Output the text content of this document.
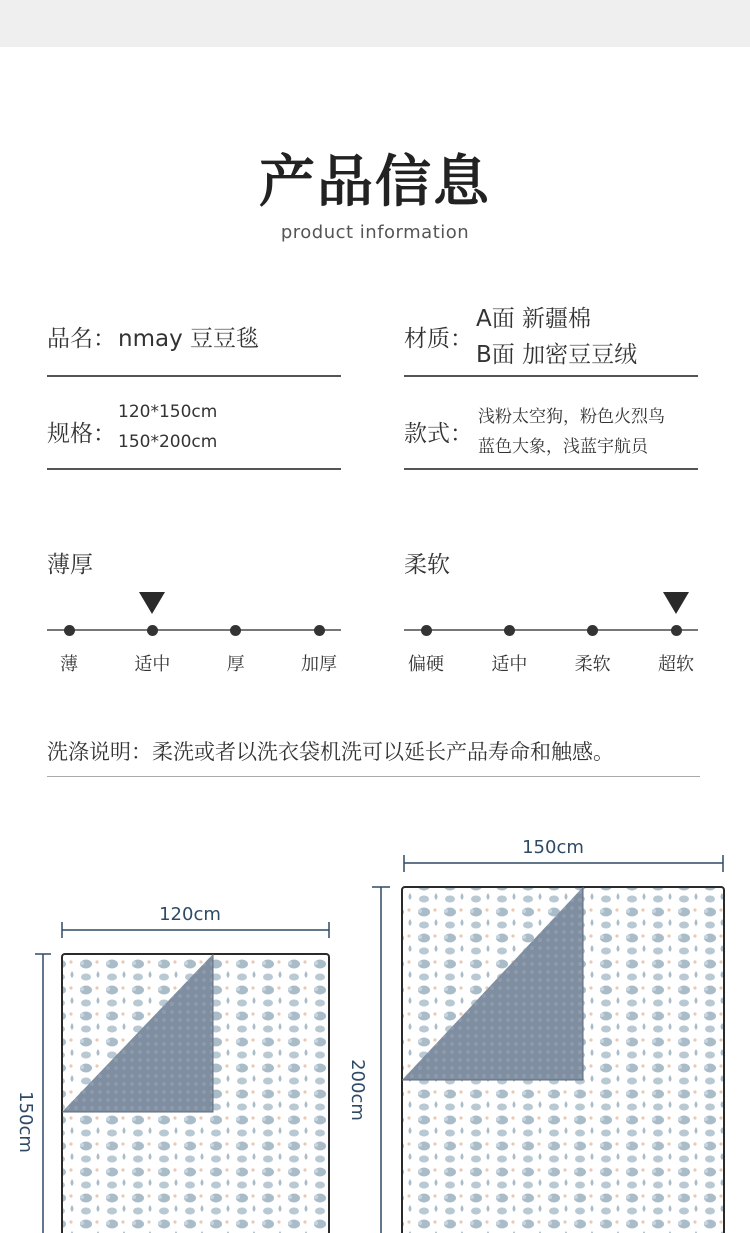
产品信息
product information
品名： nmay 豆豆毯	材质：
A面 新疆棉
B面 加密豆豆绒
规格：
120*150cm
150*200cm	款式：
浅粉太空狗，粉色火烈鸟
蓝色大象，浅蓝宇航员
薄厚
薄	适中	厚	加厚
柔软
偏硬	适中	柔软	超软
洗涤说明：柔洗或者以洗衣袋机洗可以延长产品寿命和触感。
120cm
150cm
150cm
200cm
